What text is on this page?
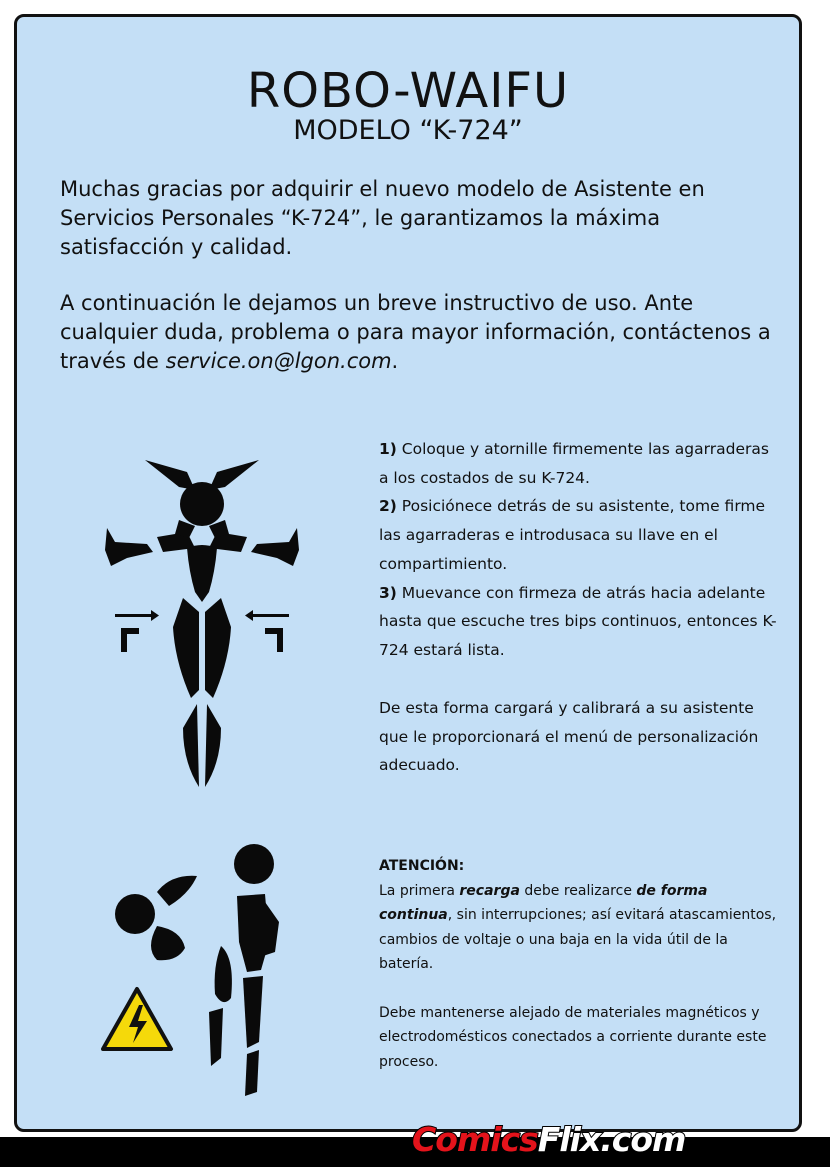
ROBO-WAIFU
MODELO “K-724”

Muchas gracias por adquirir el nuevo modelo de Asistente en Servicios Personales “K-724”, le garantizamos la máxima satisfacción y calidad.

A continuación le dejamos un breve instructivo de uso. Ante cualquier duda, problema o para mayor información, contáctenos a través de service.on@lgon.com.

1) Coloque y atornille firmemente las agarraderas a los costados de su K-724.

2) Posiciónece detrás de su asistente, tome firme las agarraderas e introdusaca su llave en el compartimiento.

3) Muevance con firmeza de atrás hacia adelante hasta que escuche tres bips continuos, entonces K-724 estará lista.

De esta forma cargará y calibrará a su asistente que le proporcionará el menú de personalización adecuado.

ATENCIÓN:

La primera recarga debe realizarce de forma continua, sin interrupciones; así evitará atascamientos, cambios de voltaje o una baja en la vida útil de la batería.

Debe mantenerse alejado de materiales magnéticos y electrodomésticos conectados a corriente durante este proceso.

ComicsFlix.com
